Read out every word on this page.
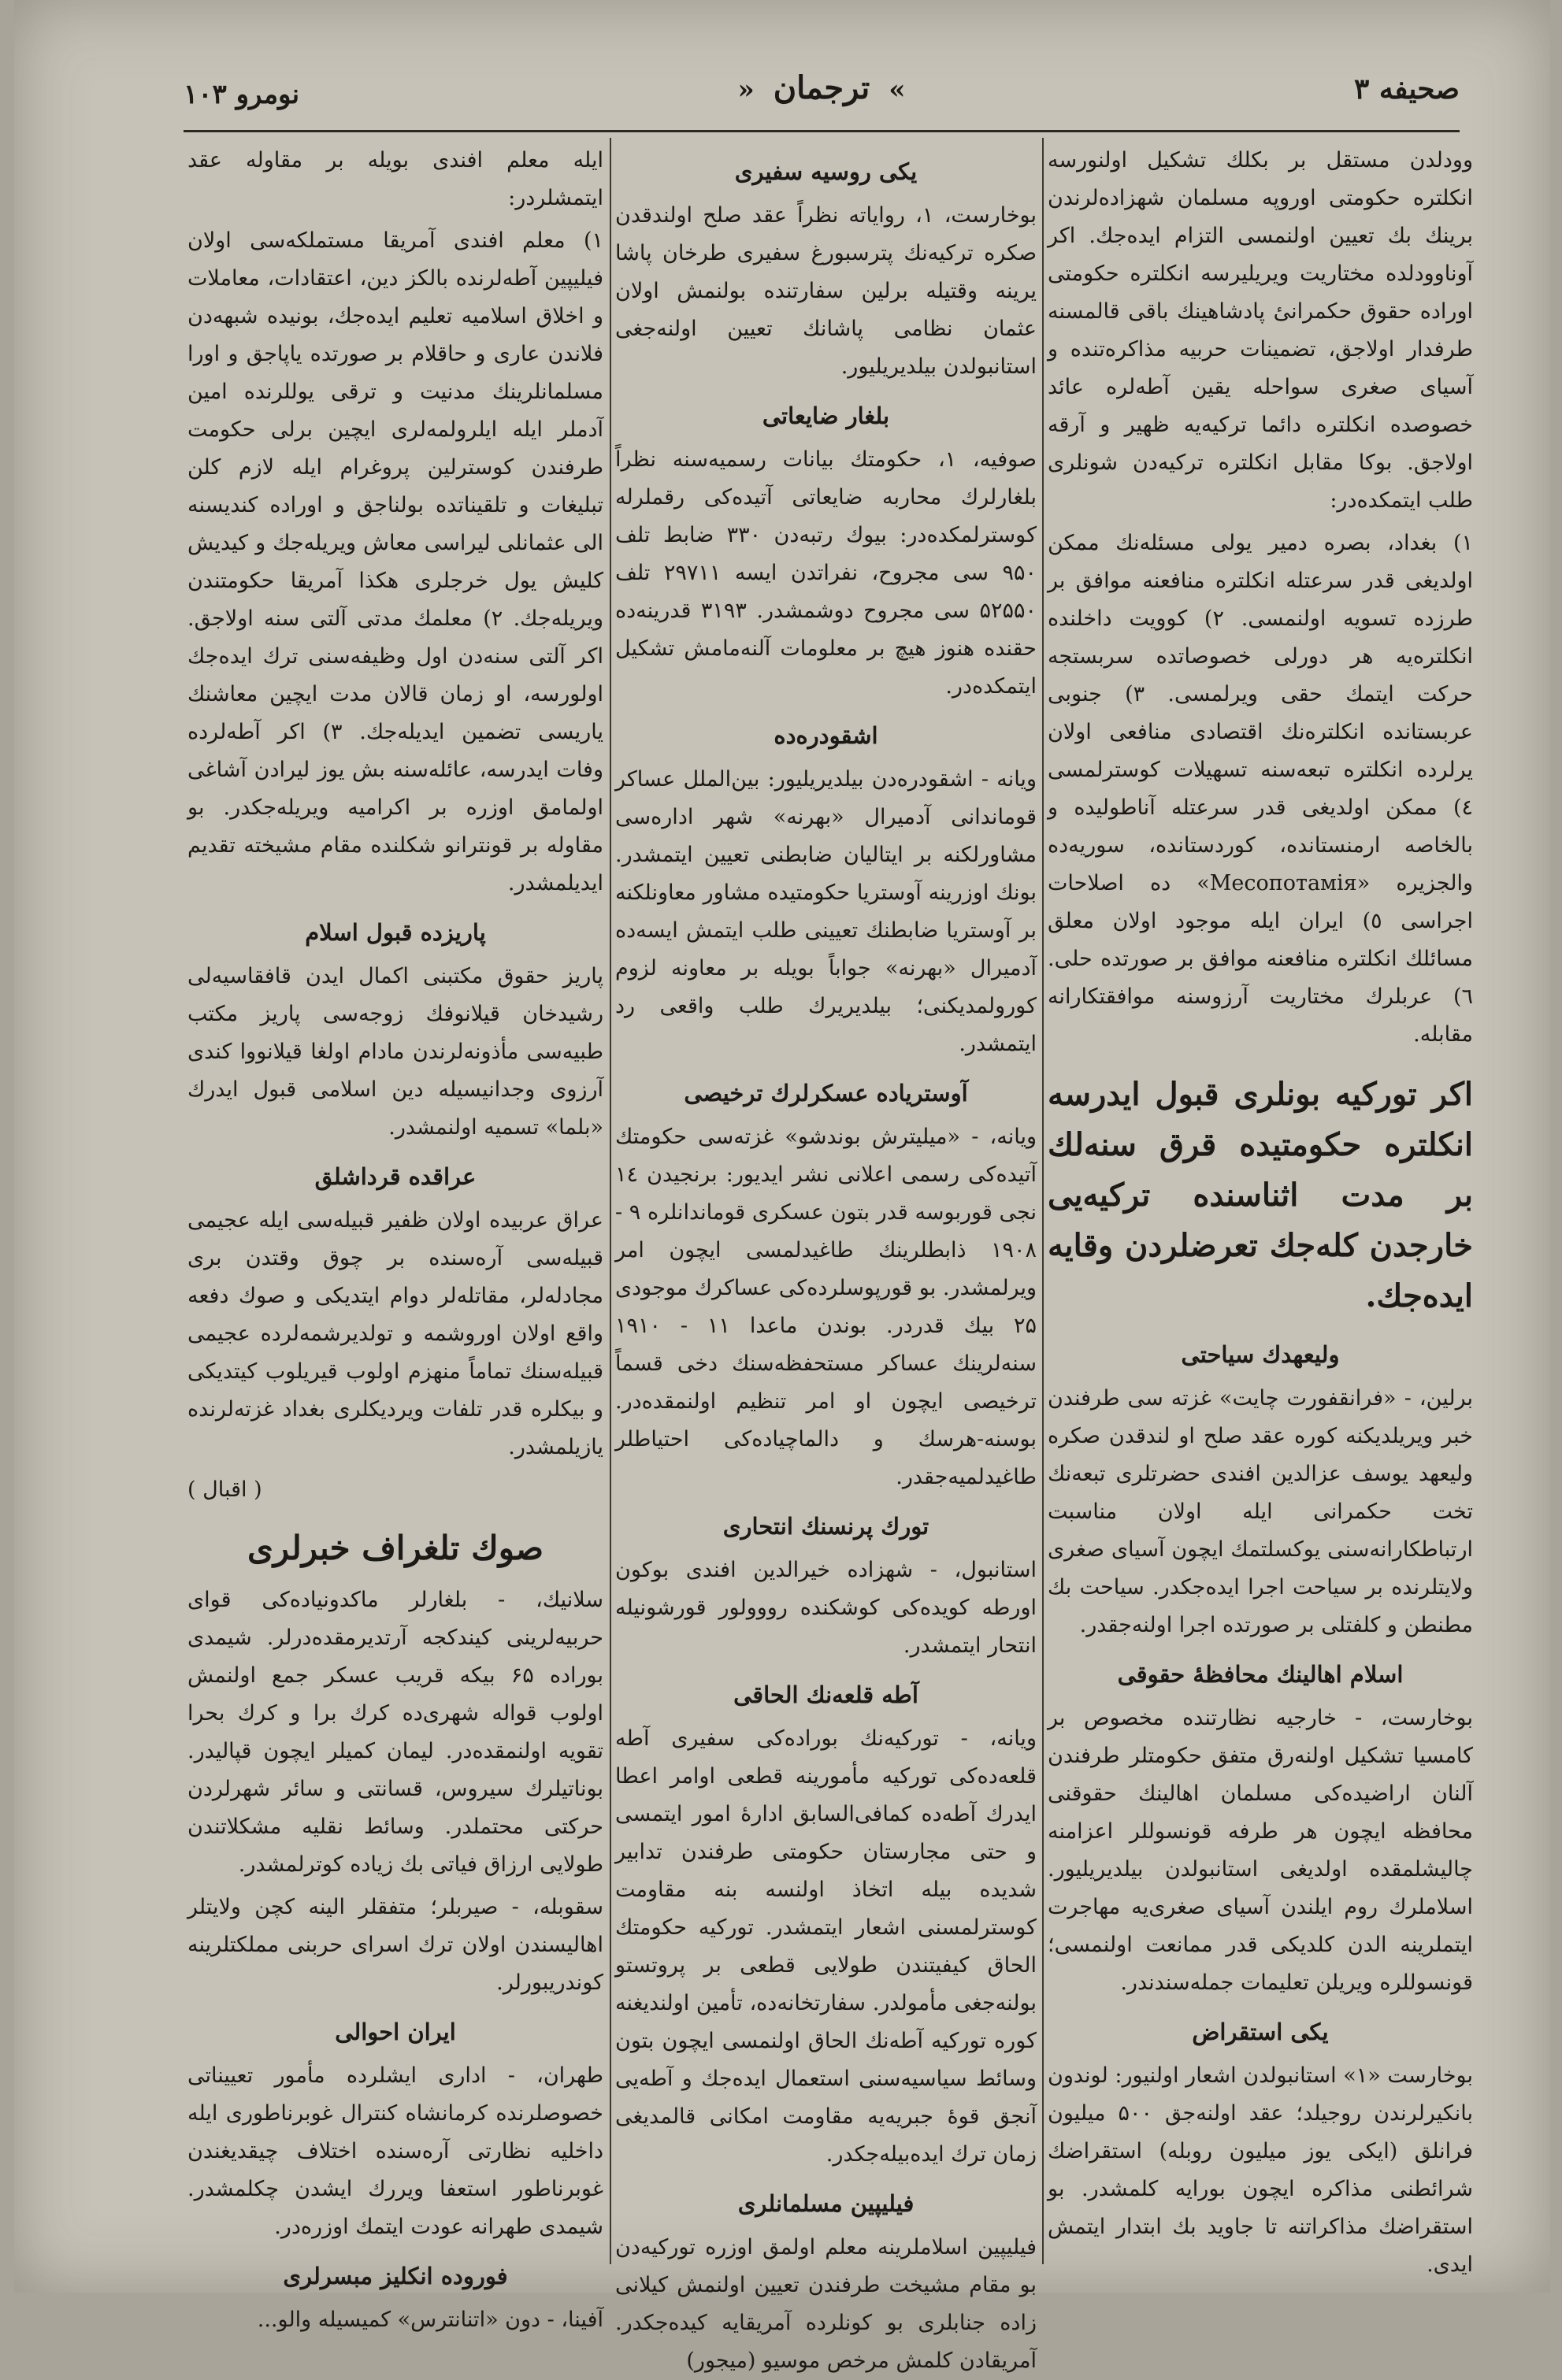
صحیفه ۳
» ترجمان «
نومرو ۱۰۳

وودلدن مستقل بر بکلك تشکیل اولنورسه انکلتره حکومتی اوروپه مسلمان شهزاده‌لرندن برینك بك تعیین اولنمسی التزام ایده‌جك. اکر آوناوودلده مختاریت ویریلیرسه انکلتره حکومتی اوراده حقوق حکمرانی‌ٔ پادشاهینك باقی قالمسنه طرفدار اولاجق، تضمینات حربیه مذاکره‌تنده و آسیای صغری سواحله یقین آطه‌لره عائد خصوصده انکلتره دائما ترکیه‌یه ظهیر و آرقه اولاجق. بوکا مقابل انکلتره ترکیه‌دن شونلری طلب ایتمکده‌در:

۱) بغداد، بصره دمیر یولی مسئله‌نك ممکن اولدیغی قدر سرعتله انکلتره منافعنه موافق بر طرزده تسویه اولنمسی. ۲) کوویت داخلنده انکلتره‌یه هر دورلی خصوصاتده سربستجه حرکت ایتمك حقی ویرلمسی. ۳) جنوبی عربستانده انکلتره‌نك اقتصادی منافعی اولان یرلرده انکلتره تبعه‌سنه تسهیلات کوسترلمسی ٤) ممکن اولدیغی قدر سرعتله آناطولیده و بالخاصه ارمنستانده، کوردستانده، سوریه‌ده والجزیره «Месопотамія» ده اصلاحات اجراسی ٥) ایران ایله موجود اولان معلق مسائلك انکلتره منافعنه موافق بر صورتده حلی. ٦) عربلرك مختاریت آرزوسنه موافقتکارانه مقابله.

اکر توركیه بونلری قبول ایدرسه انکلتره حکومتیده قرق سنه‌لك بر مدت اثناسنده ترکیه‌یی خارجدن کله‌جك تعرضلردن وقایه ایده‌جك.
ولیعهدك سیاحتی

برلین، - «فرانقفورت چایت» غزته سی طرفندن خبر ویریلدیکنه کوره عقد صلح او لندقدن صکره ولیعهد یوسف عزالدین افندی حضرتلری تبعه‌نك تخت حکمرانی ایله اولان مناسبت ارتباطکارانه‌سنی یوکسلتمك ایچون آسیای صغری ولایتلرنده بر سیاحت اجرا ایده‌جکدر. سیاحت بك مطنطن و کلفتلی بر صورتده اجرا اولنه‌جقدر.

اسلام اهالینك محافظهٔ حقوقی

بوخارست، - خارجیه نظارتنده مخصوص بر کامسیا تشکیل اولنه‌رق متفق حکومتلر طرفندن آلنان اراضیده‌کی مسلمان اهالینك حقوقنی محافظه ایچون هر طرفه قونسوللر اعزامنه چالیشلمقده اولدیغی استانبولدن بیلدیریلیور. اسلاملرك روم ایلندن آسیای صغری‌یه مهاجرت ایتملرینه الدن کلدیکی قدر ممانعت اولنمسی؛ قونسوللره ویریلن تعلیمات جمله‌سندندر.

یکی استقراض

بوخارست «۱» استانبولدن اشعار اولنیور: لوندون بانکیرلرندن روجیلد؛ عقد اولنه‌جق ۵۰۰ میلیون فرانلق (ایکی یوز میلیون روبله) استقراضك شرائطنی مذاکره ایچون بورایه کلمشدر. بو استقراضك مذاکراتنه تا جاوید بك ابتدار ایتمش ایدی.

یکی روسیه سفیری

بوخارست، ۱، روایاته نظراً عقد صلح اولندقدن صکره ترکیه‌نك پترسبورغ سفیری طرخان پاشا یرینه وقتیله برلین سفارتنده بولنمش اولان عثمان نظامی پاشانك تعیین اولنه‌جغی استانبولدن بیلدیریلیور.

بلغار ضایعاتی

صوفیه، ۱، حکومتك بیانات رسمیه‌سنه نظراً بلغارلرك محاربه ضایعاتی آتیده‌کی رقملرله کوسترلمکده‌در: بیوك رتبه‌دن ۳۳۰ ضابط تلف ۹۵۰ سی مجروح، نفراتدن ایسه ۲۹۷۱۱ تلف ۵۲۵۵۰ سی مجروح دوشمشدر. ۳۱۹۳ قدرینه‌ده حقنده هنوز هیچ بر معلومات آلنه‌مامش تشکیل ایتمکده‌در.

اشقودره‌ده

ویانه - اشقودره‌دن بیلدیریلیور: بین‌الملل عساکر قوماندانی آدمیرال «بهرنه» شهر اداره‌سی مشاورلکنه بر ایتالیان ضابطنی تعیین ایتمشدر. بونك اوزرینه آوستریا حکومتیده مشاور معاونلکنه بر آوستریا ضابطنك تعیینی طلب ایتمش ایسه‌ده آدمیرال «بهرنه» جواباً بویله بر معاونه لزوم کورولمدیکنی؛ بیلدیریرك طلب واقعی رد ایتمشدر.

آوستریاده عسکرلرك ترخیصی

ویانه، - «میلیترش بوندشو» غزته‌سی حکومتك آتیده‌کی رسمی اعلانی نشر ایدیور: برنجیدن ۱٤ نجی قوربوسه قدر بتون عسکری قوماندانلره ۹ - ۱۹۰۸ ذابطلرینك طاغیدلمسی ایچون امر ویرلمشدر. بو قورپوسلرده‌کی عساکرك موجودی ۲۵ بیك قدردر. بوندن ماعدا ۱۱ - ۱۹۱۰ سنه‌لرینك عساکر مستحفظه‌سنك دخی قسماً ترخیصی ایچون او امر تنظیم اولنمقده‌در. بوسنه-هرسك و دالماچیاده‌کی احتیاطلر طاغیدلمیه‌جقدر.

تورك پرنسنك انتحاری

استانبول، - شهزاده خیرالدین افندی بوکون اورطه کویده‌کی کوشکنده رووولور قورشونیله انتحار ایتمشدر.

آطه قلعه‌نك الحاقی

ویانه، - تورکیه‌نك بوراده‌کی سفیری آطه قلعه‌ده‌کی تورکیه مأمورینه قطعی اوامر اعطا ایدرك آطه‌ده کمافی‌السابق اداره‌ٔ امور ایتمسی و حتی مجارستان حکومتی طرفندن تدابیر شدیده بیله اتخاذ اولنسه بنه مقاومت کوسترلمسنی اشعار ایتمشدر. تورکیه حکومتك الحاق کیفیتندن طولایی قطعی بر پروتستو بولنه‌جغی مأمولدر. سفارتخانه‌ده، تأمین اولندیغنه کوره تورکیه آطه‌نك الحاق اولنمسی ایچون بتون وسائط سیاسیه‌سنی استعمال ایده‌جك و آطه‌یی آنجق قوهٔ جبریه‌یه مقاومت امکانی قالمدیغی زمان ترك ایده‌بیله‌جکدر.

فیلیپین مسلمانلری

فیلیپین اسلاملرینه معلم اولمق اوزره تورکیه‌دن بو مقام مشیخت طرفندن تعیین اولنمش کیلانی زاده جنابلری بو کونلرده آمریقایه کیده‌جکدر. آمریقادن کلمش مرخص موسیو (میجور)

ایله معلم افندی بویله بر مقاوله عقد ایتمشلردر:

۱) معلم افندی آمریقا مستملکه‌سی اولان فیلیپین آطه‌لرنده بالکز دین، اعتقادات، معاملات و اخلاق اسلامیه تعلیم ایده‌جك، بونیده شبهه‌دن فلاندن عاری و حاقلام بر صورتده یاپاجق و اورا مسلمانلرینك مدنیت و ترقی یوللرنده امین آدملر ایله ایلرولمه‌لری ایچین برلی حکومت طرفندن کوسترلین پروغرام ایله لازم کلن تبلیغات و تلقیناتده بولناجق و اوراده کندیسنه الی عثمانلی لیراسی معاش ویریله‌جك و کیدیش کلیش یول خرجلری هکذا آمریقا حکومتندن ویریله‌جك. ۲) معلمك مدتی آلتی سنه اولاجق. اکر آلتی سنه‌دن اول وظیفه‌سنی ترك ایده‌جك اولورسه، او زمان قالان مدت ایچین معاشنك یاریسی تضمین ایدیله‌جك. ۳) اکر آطه‌لرده وفات ایدرسه، عائله‌سنه بش یوز لیرادن آشاغی اولمامق اوزره بر اکرامیه ویریله‌جکدر. بو مقاوله بر قونترانو شکلنده مقام مشیخته تقدیم ایدیلمشدر.

پاریزده قبول اسلام

پاریز حقوق مکتبنی اکمال ایدن قافقاسیه‌لی رشیدخان قیلانوفك زوجه‌سی پاریز مکتب طبیه‌سی مأذونه‌لرندن مادام اولغا قیلانووا کندی آرزوی وجدانیسیله دین اسلامی قبول ایدرك «بلما» تسمیه اولنمشدر.

عراقده قرداشلق

عراق عربیده اولان ظفیر قبیله‌سی ایله عجیمی قبیله‌سی آره‌سنده بر چوق وقتدن بری مجادله‌لر، مقاتله‌لر دوام ایتدیکی و صوك دفعه واقع اولان اوروشمه و تولدیرشمه‌لرده عجیمی قبیله‌سنك تماماً منهزم اولوب قیریلوب کیتدیکی و بیکلره قدر تلفات ویردیکلری بغداد غزته‌لرنده یازیلمشدر.

( اقبال )

صوك تلغراف خبرلری

سلانیك، - بلغارلر ماکدونیاده‌کی قوای حربیه‌لرینی کیندکجه آرتدیرمقده‌درلر. شیمدی بوراده ۶۵ بیکه قریب عسکر جمع اولنمش اولوب قواله شهری‌ده کرك برا و کرك بحرا تقویه اولنمقده‌در. لیمان کمیلر ایچون قپالیدر. بوناتیلرك سیروس، قسانتی و سائر شهرلردن حرکتی محتملدر. وسائط نقلیه مشکلاتندن طولایی ارزاق فیاتی بك زیاده کوترلمشدر.

سقوبله، - صیربلر؛ متفقلر الینه کچن ولایتلر اهالیسندن اولان ترك اسرای حربنی مملکتلرینه کوندریبورلر.

ایران احوالی

طهران، - اداری ایشلرده مأمور تعییناتی خصوصلرنده کرمانشاه کنترال غوبرناطوری ایله داخلیه نظارتی آره‌سنده اختلاف چیقدیغندن غوبرناطور استعفا ویررك ایشدن چکلمشدر. شیمدی طهرانه عودت ایتمك اوزره‌در.

فوروده انکلیز مبسرلری

آفینا، - دون «اتنانترس» کمیسیله والو...
